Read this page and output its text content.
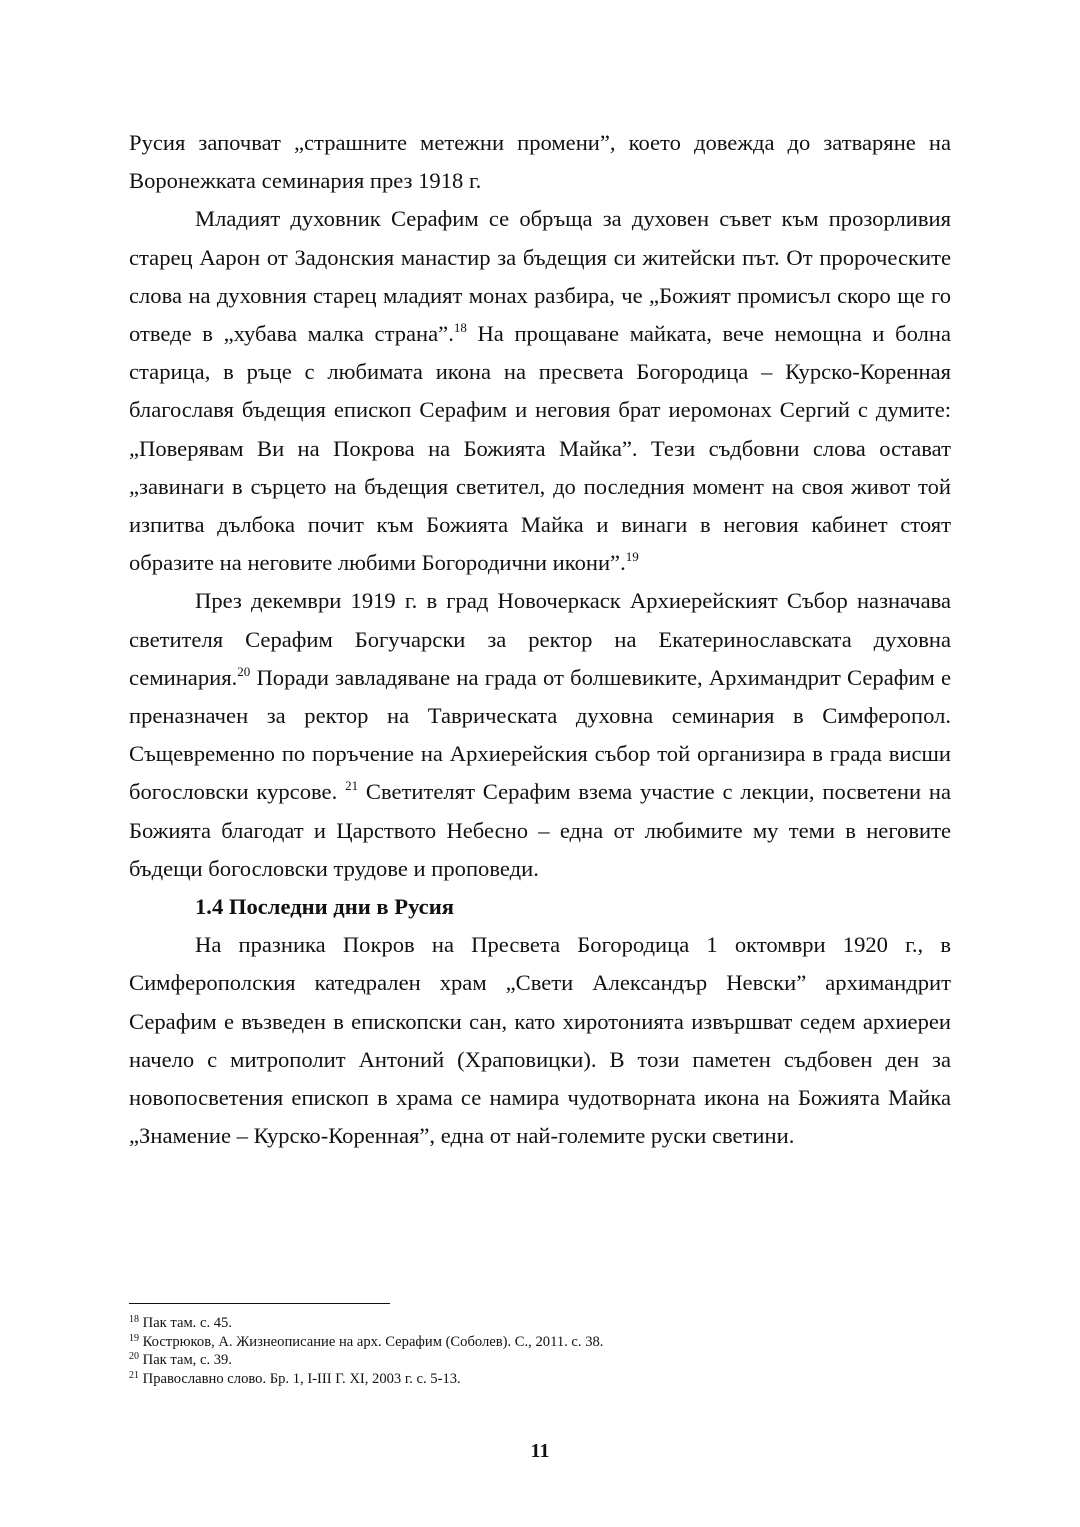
Русия започват „страшните метежни промени”, което довежда до затваряне на Воронежката семинария през 1918 г.

Младият духовник Серафим се обръща за духовен съвет към прозорливия старец Аарон от Задонския манастир за бъдещия си житейски път. От пророческите слова на духовния старец младият монах разбира, че „Божият промисъл скоро ще го отведе в „хубава малка страна”.$^{18}$ На прощаване майката, вече немощна и болна старица, в ръце с любимата икона на пресвета Богородица – Курско-Коренная благославя бъдещия епископ Серафим и неговия брат иеромонах Сергий с думите: „Поверявам Ви на Покрова на Божията Майка”. Тези съдбовни слова остават „завинаги в сърцето на бъдещия светител, до последния момент на своя живот той изпитва дълбока почит към Божията Майка и винаги в неговия кабинет стоят образите на неговите любими Богородични икони”.$^{19}$

През декември 1919 г. в град Новочеркаск Архиерейският Събор назначава светителя Серафим Богучарски за ректор на Екатеринославската духовна семинария.$^{20}$ Поради завладяване на града от болшевиките, Архимандрит Серафим е преназначен за ректор на Таврическата духовна семинария в Симферопол. Същевременно по поръчение на Архиерейския събор той организира в града висши богословски курсове. $^{21}$ Светителят Серафим взема участие с лекции, посветени на Божията благодат и Царството Небесно – една от любимите му теми в неговите бъдещи богословски трудове и проповеди.

1.4 Последни дни в Русия

На празника Покров на Пресвета Богородица 1 октомври 1920 г., в Симферополския катедрален храм „Свети Александър Невски” архимандрит Серафим е възведен в епископски сан, като хиротонията извършват седем архиереи начело с митрополит Антоний (Храповицки). В този паметен съдбовен ден за новопосветения епископ в храма се намира чудотворната икона на Божията Майка „Знамение – Курско-Коренная”, една от най-големите руски светини.

$^{18}$ Пак там. с. 45.
$^{19}$ Кострюков, А. Жизнеописание на арх. Серафим (Соболев). С., 2011. с. 38.
$^{20}$ Пак там, с. 39.
$^{21}$ Православно слово. Бр. 1, I-III Г. XI, 2003 г. с. 5-13.
11
